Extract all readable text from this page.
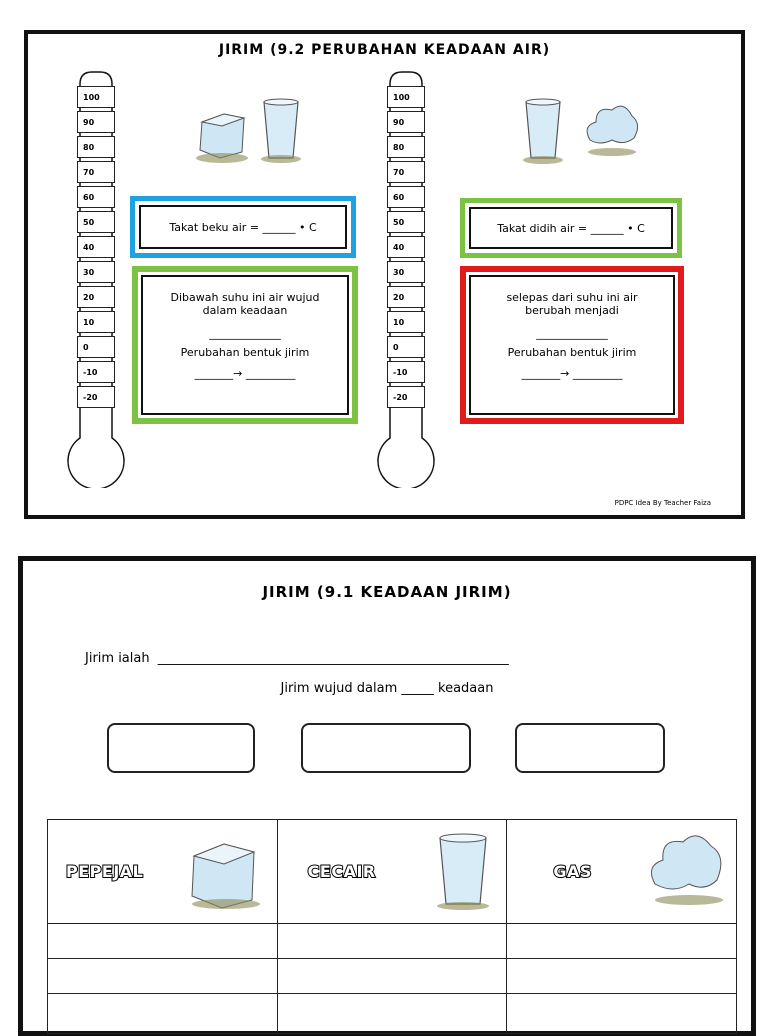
JIRIM (9.2 PERUBAHAN KEADAAN AIR)
100
90
80
70
60
50
40
30
20
10
0
-10
-20
100
90
80
70
60
50
40
30
20
10
0
-10
-20
Takat beku air = ______ • C	Takat didih air = ______ • C
Dibawah suhu ini air wujud
dalam keadaan
_____________
Perubahan bentuk jirim
_______→ _________
selepas dari suhu ini air
berubah menjadi
_____________
Perubahan bentuk jirim
_______→ _________
PDPC Idea By Teacher Faiza
JIRIM (9.1 KEADAAN JIRIM)
Jirim ialah ______________________________________________________
Jirim wujud dalam _____ keadaan
PEPEJAL	CECAIR	GAS
